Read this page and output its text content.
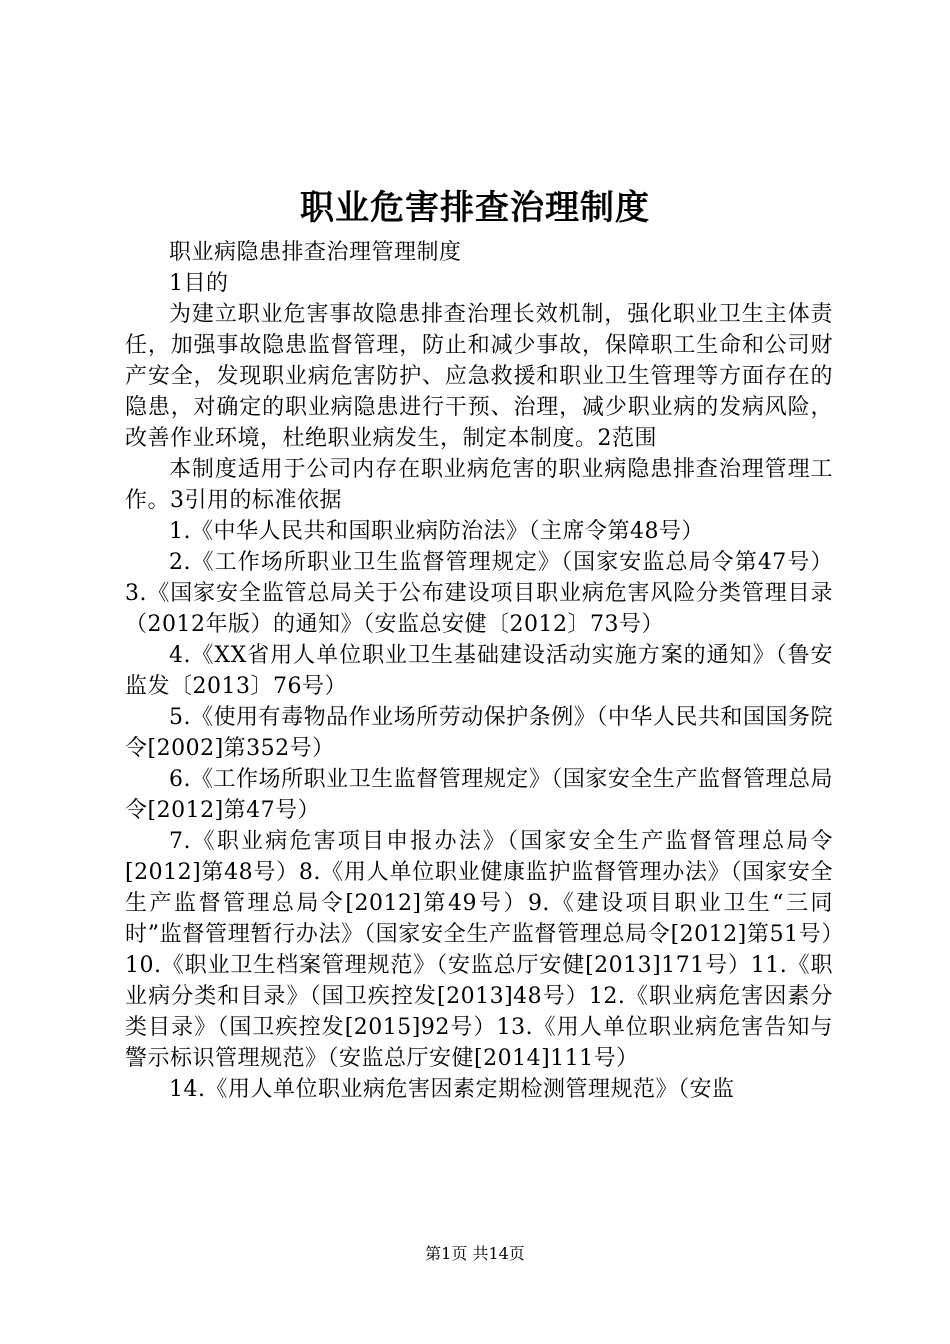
职业危害排查治理制度

职业病隐患排查治理管理制度

1目的

为建立职业危害事故隐患排查治理长效机制，强化职业卫生主体责任，加强事故隐患监督管理，防止和减少事故，保障职工生命和公司财产安全，发现职业病危害防护、应急救援和职业卫生管理等方面存在的隐患，对确定的职业病隐患进行干预、治理，减少职业病的发病风险，改善作业环境，杜绝职业病发生，制定本制度。2范围

本制度适用于公司内存在职业病危害的职业病隐患排查治理管理工作。3引用的标准依据

1.《中华人民共和国职业病防治法》（主席令第48号）

2.《工作场所职业卫生监督管理规定》（国家安监总局令第47号）3.《国家安全监管总局关于公布建设项目职业病危害风险分类管理目录（2012年版）的通知》（安监总安健〔2012〕73号）

4.《XX省用人单位职业卫生基础建设活动实施方案的通知》（鲁安监发〔2013〕76号）

5.《使用有毒物品作业场所劳动保护条例》（中华人民共和国国务院令[2002]第352号）

6.《工作场所职业卫生监督管理规定》（国家安全生产监督管理总局令[2012]第47号）

7.《职业病危害项目申报办法》（国家安全生产监督管理总局令[2012]第48号）8.《用人单位职业健康监护监督管理办法》（国家安全生产监督管理总局令[2012]第49号）9.《建设项目职业卫生“三同时”监督管理暂行办法》（国家安全生产监督管理总局令[2012]第51号）10.《职业卫生档案管理规范》（安监总厅安健[2013]171号）11.《职业病分类和目录》（国卫疾控发[2013]48号）12.《职业病危害因素分类目录》（国卫疾控发[2015]92号）13.《用人单位职业病危害告知与警示标识管理规范》（安监总厅安健[2014]111号）

14.《用人单位职业病危害因素定期检测管理规范》（安监

第1页 共14页
